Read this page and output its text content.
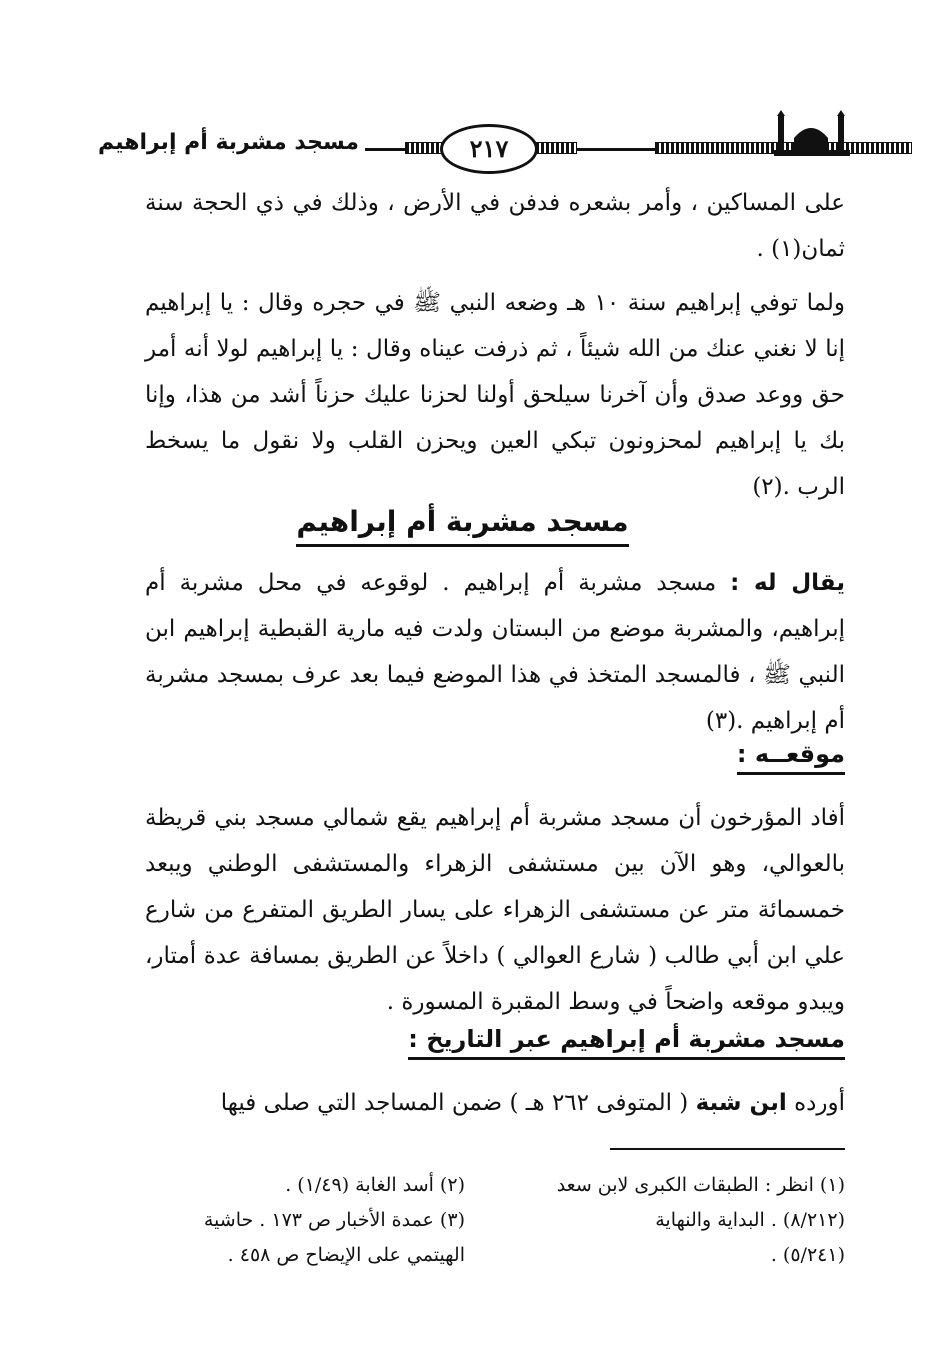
مسجد مشربة أم إبراهيم	٢١٧
على المساكين ، وأمر بشعره فدفن في الأرض ، وذلك في ذي الحجة سنة ثمان(١) .
ولما توفي إبراهيم سنة ١٠ هـ وضعه النبي ﷺ في حجره وقال : يا إبراهيم إنا لا نغني عنك من الله شيئاً ، ثم ذرفت عيناه وقال : يا إبراهيم لولا أنه أمر حق ووعد صدق وأن آخرنا سيلحق أولنا لحزنا عليك حزناً أشد من هذا، وإنا بك يا إبراهيم لمحزونون تبكي العين ويحزن القلب ولا نقول ما يسخط الرب .(٢)
مسجد مشربة أم إبراهيم
يقال له : مسجد مشربة أم إبراهيم . لوقوعه في محل مشربة أم إبراهيم، والمشربة موضع من البستان ولدت فيه مارية القبطية إبراهيم ابن النبي ﷺ ، فالمسجد المتخذ في هذا الموضع فيما بعد عرف بمسجد مشربة أم إبراهيم .(٣)
موقعــه :
أفاد المؤرخون أن مسجد مشربة أم إبراهيم يقع شمالي مسجد بني قريظة بالعوالي، وهو الآن بين مستشفى الزهراء والمستشفى الوطني ويبعد خمسمائة متر عن مستشفى الزهراء على يسار الطريق المتفرع من شارع علي ابن أبي طالب ( شارع العوالي ) داخلاً عن الطريق بمسافة عدة أمتار، ويبدو موقعه واضحاً في وسط المقبرة المسورة .
مسجد مشربة أم إبراهيم عبر التاريخ :
أورده ابن شبة ( المتوفى ٢٦٢ هـ ) ضمن المساجد التي صلى فيها
(١) انظر : الطبقات الكبرى لابن سعد
(٨/٢١٢) . البداية والنهاية
(٥/٢٤١) .
(٢) أسد الغابة (١/٤٩) .
(٣) عمدة الأخبار ص ١٧٣ . حاشية
الهيتمي على الإيضاح ص ٤٥٨ .
